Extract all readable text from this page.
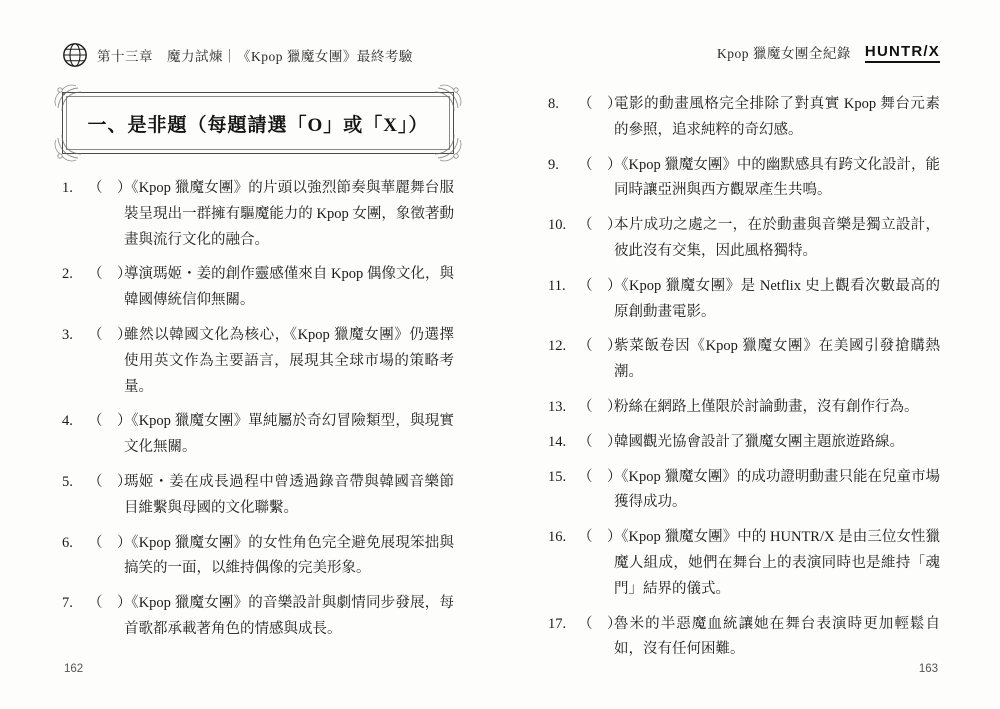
第十三章　魔力試煉｜《Kpop 獵魔女團》最終考驗	Kpop 獵魔女團全紀錄 HUNTR/X
一、是非題（每題請選「O」或「X」）
1.	（　）
《Kpop 獵魔女團》的片頭以強烈節奏與華麗舞台服裝呈現出一群擁有驅魔能力的 Kpop 女團，象徵著動畫與流行文化的融合。
2.	（　）
導演瑪姬・姜的創作靈感僅來自 Kpop 偶像文化，與韓國傳統信仰無關。
3.	（　）
雖然以韓國文化為核心，《Kpop 獵魔女團》仍選擇使用英文作為主要語言，展現其全球市場的策略考量。
4.	（　）
《Kpop 獵魔女團》單純屬於奇幻冒險類型，與現實文化無關。
5.	（　）
瑪姬・姜在成長過程中曾透過錄音帶與韓國音樂節目維繫與母國的文化聯繫。
6.	（　）
《Kpop 獵魔女團》的女性角色完全避免展現笨拙與搞笑的一面，以維持偶像的完美形象。
7.	（　）
《Kpop 獵魔女團》的音樂設計與劇情同步發展，每首歌都承載著角色的情感與成長。
8.	（　）
電影的動畫風格完全排除了對真實 Kpop 舞台元素的參照，追求純粹的奇幻感。
9.	（　）
《Kpop 獵魔女團》中的幽默感具有跨文化設計，能同時讓亞洲與西方觀眾產生共鳴。
10. （　）
本片成功之處之一，在於動畫與音樂是獨立設計，彼此沒有交集，因此風格獨特。
11. （　）
《Kpop 獵魔女團》是 Netflix 史上觀看次數最高的原創動畫電影。
12. （　）
紫菜飯卷因《Kpop 獵魔女團》在美國引發搶購熱潮。
13. （　）
粉絲在網路上僅限於討論動畫，沒有創作行為。
14. （　）
韓國觀光協會設計了獵魔女團主題旅遊路線。
15. （　）
《Kpop 獵魔女團》的成功證明動畫只能在兒童市場獲得成功。
16. （　）
《Kpop 獵魔女團》中的 HUNTR/X 是由三位女性獵魔人組成，她們在舞台上的表演同時也是維持「魂門」結界的儀式。
17. （　）
魯米的半惡魔血統讓她在舞台表演時更加輕鬆自如，沒有任何困難。
162	163
